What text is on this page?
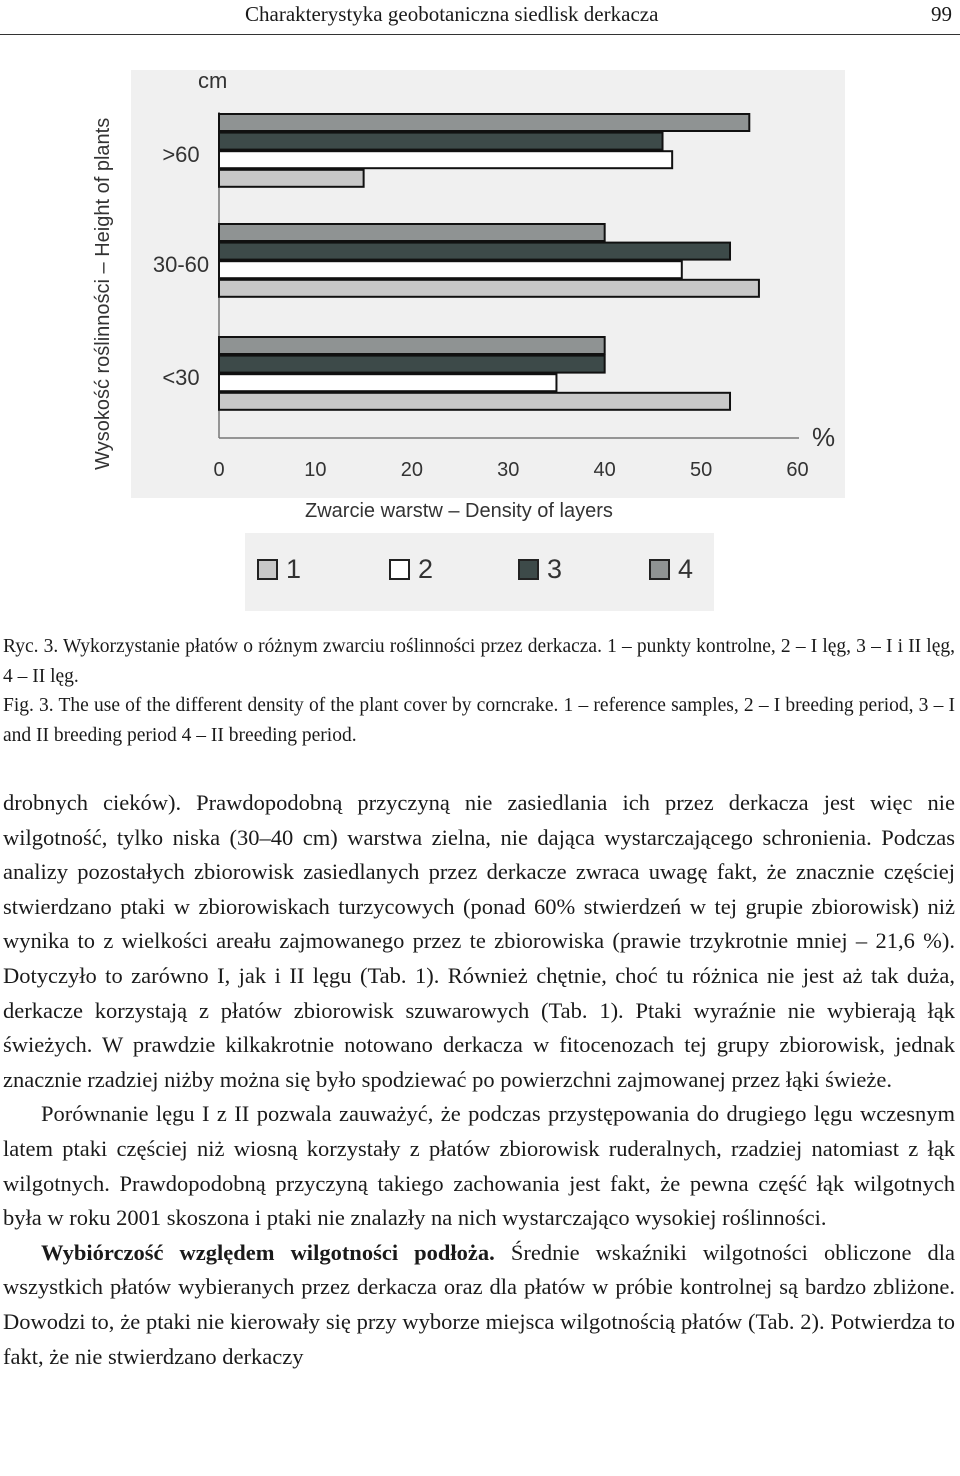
Charakterystyka geobotaniczna siedlisk derkacza	99
cm
%
>60
30-60
<30
0	10	20	30	40	50	60
Wysokość roślinności – Height of plants
Zwarcie warstw – Density of layers
1	2	3	4

Ryc. 3. Wykorzystanie płatów o różnym zwarciu roślinności przez derkacza. 1 – punkty kontrolne, 2 – I lęg, 3 – I i II lęg, 4 – II lęg.

Fig. 3. The use of the different density of the plant cover by corncrake. 1 – reference samples, 2 – I breeding period, 3 – I and II breeding period 4 – II breeding period.

drobnych cieków). Prawdopodobną przyczyną nie zasiedlania ich przez derkacza jest więc nie wilgotność, tylko niska (30–40 cm) warstwa zielna, nie dająca wystarczającego schronienia. Podczas analizy pozostałych zbiorowisk zasiedlanych przez derkacze zwraca uwagę fakt, że znacznie częściej stwierdzano ptaki w zbiorowiskach turzycowych (ponad 60% stwierdzeń w tej grupie zbiorowisk) niż wynika to z wielkości areału zajmowanego przez te zbiorowiska (prawie trzykrotnie mniej – 21,6 %). Dotyczyło to zarówno I, jak i II lęgu (Tab. 1). Również chętnie, choć tu różnica nie jest aż tak duża, derkacze korzystają z płatów zbiorowisk szuwarowych (Tab. 1). Ptaki wyraźnie nie wybierają łąk świeżych. W prawdzie kilkakrotnie notowano derkacza w fitocenozach tej grupy zbiorowisk, jednak znacznie rzadziej niżby można się było spodziewać po powierzchni zajmowanej przez łąki świeże.

Porównanie lęgu I z II pozwala zauważyć, że podczas przystępowania do drugiego lęgu wczesnym latem ptaki częściej niż wiosną korzystały z płatów zbiorowisk ruderalnych, rzadziej natomiast z łąk wilgotnych. Prawdopodobną przyczyną takiego zachowania jest fakt, że pewna część łąk wilgotnych była w roku 2001 skoszona i ptaki nie znalazły na nich wystarczająco wysokiej roślinności.

Wybiórczość względem wilgotności podłoża. Średnie wskaźniki wilgotności obliczone dla wszystkich płatów wybieranych przez derkacza oraz dla płatów w próbie kontrolnej są bardzo zbliżone. Dowodzi to, że ptaki nie kierowały się przy wyborze miejsca wilgotnością płatów (Tab. 2). Potwierdza to fakt, że nie stwierdzano derkaczy
